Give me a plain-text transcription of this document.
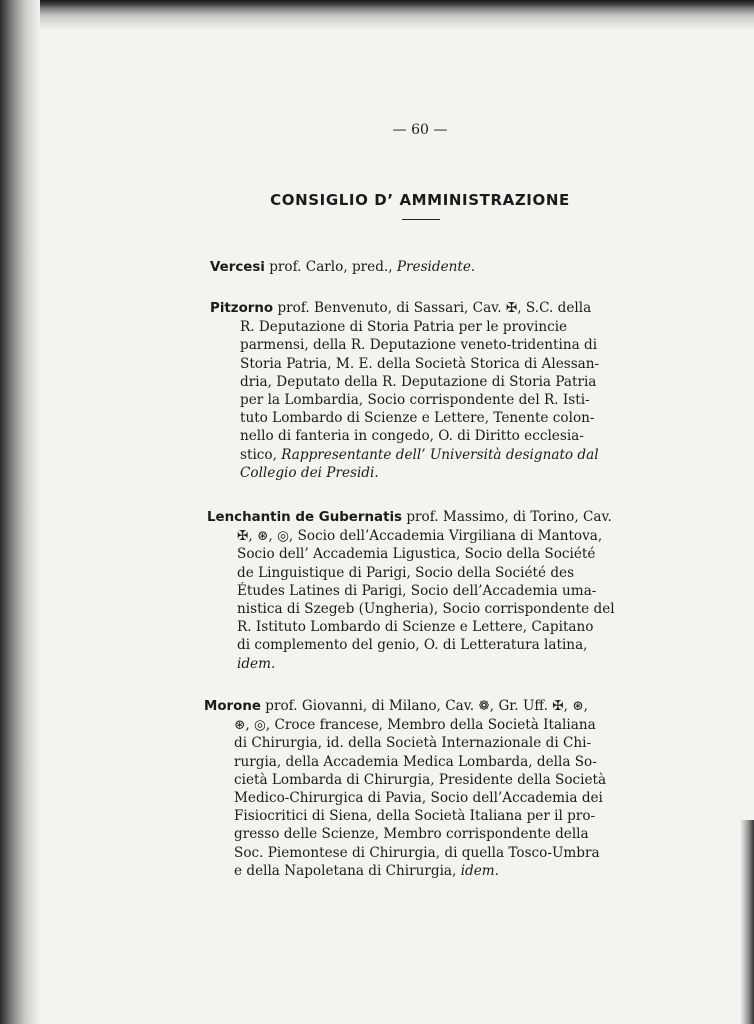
— 60 —
CONSIGLIO D’ AMMINISTRAZIONE
Vercesi prof. Carlo, pred., Presidente.
Pitzorno prof. Benvenuto, di Sassari, Cav. ✠, S.C. della
R. Deputazione di Storia Patria per le provincie
parmensi, della R. Deputazione veneto-tridentina di
Storia Patria, M. E. della Società Storica di Alessan-
dria, Deputato della R. Deputazione di Storia Patria
per la Lombardia, Socio corrispondente del R. Isti-
tuto Lombardo di Scienze e Lettere, Tenente colon-
nello di fanteria in congedo, O. di Diritto ecclesia-
stico, Rappresentante dell’ Università designato dal
Collegio dei Presidi.
Lenchantin de Gubernatis prof. Massimo, di Torino, Cav.
✠, ⊛, ◎, Socio dell’Accademia Virgiliana di Mantova,
Socio dell’ Accademia Ligustica, Socio della Société
de Linguistique di Parigi, Socio della Société des
Études Latines di Parigi, Socio dell’Accademia uma-
nistica di Szegeb (Ungheria), Socio corrispondente del
R. Istituto Lombardo di Scienze e Lettere, Capitano
di complemento del genio, O. di Letteratura latina,
idem.
Morone prof. Giovanni, di Milano, Cav. ❁, Gr. Uff. ✠, ⊛,
⊛, ◎, Croce francese, Membro della Società Italiana
di Chirurgia, id. della Società Internazionale di Chi-
rurgia, della Accademia Medica Lombarda, della So-
cietà Lombarda di Chirurgia, Presidente della Società
Medico-Chirurgica di Pavia, Socio dell’Accademia dei
Fisiocritici di Siena, della Società Italiana per il pro-
gresso delle Scienze, Membro corrispondente della
Soc. Piemontese di Chirurgia, di quella Tosco-Umbra
e della Napoletana di Chirurgia, idem.
